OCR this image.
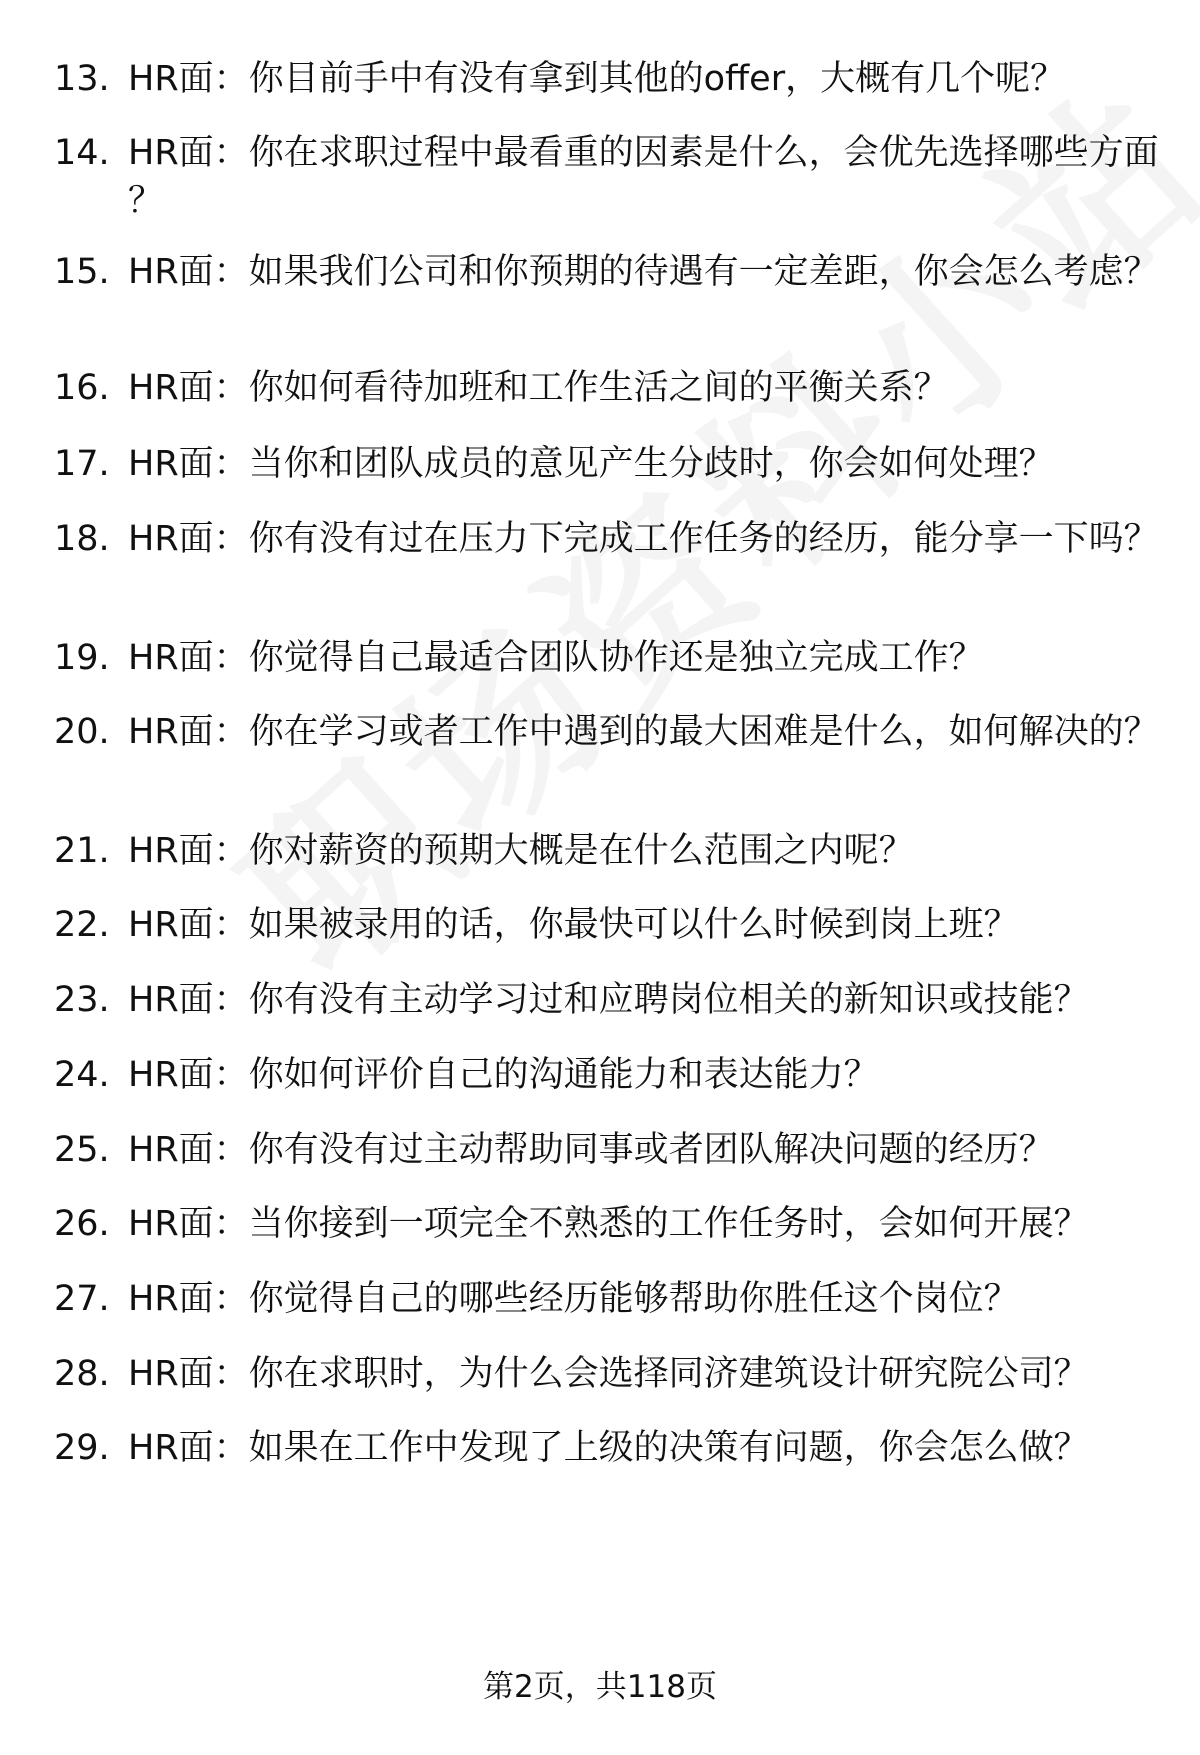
13. HR面：你目前手中有没有拿到其他的offer，大概有几个呢？
14. HR面：你在求职过程中最看重的因素是什么，会优先选择哪些方面？
15. HR面：如果我们公司和你预期的待遇有一定差距，你会怎么考虑？
16. HR面：你如何看待加班和工作生活之间的平衡关系？
17. HR面：当你和团队成员的意见产生分歧时，你会如何处理？
18. HR面：你有没有过在压力下完成工作任务的经历，能分享一下吗？
19. HR面：你觉得自己最适合团队协作还是独立完成工作？
20. HR面：你在学习或者工作中遇到的最大困难是什么，如何解决的？
21. HR面：你对薪资的预期大概是在什么范围之内呢？
22. HR面：如果被录用的话，你最快可以什么时候到岗上班？
23. HR面：你有没有主动学习过和应聘岗位相关的新知识或技能？
24. HR面：你如何评价自己的沟通能力和表达能力？
25. HR面：你有没有过主动帮助同事或者团队解决问题的经历？
26. HR面：当你接到一项完全不熟悉的工作任务时，会如何开展？
27. HR面：你觉得自己的哪些经历能够帮助你胜任这个岗位？
28. HR面：你在求职时，为什么会选择同济建筑设计研究院公司？
29. HR面：如果在工作中发现了上级的决策有问题，你会怎么做？
第2页，共118页
